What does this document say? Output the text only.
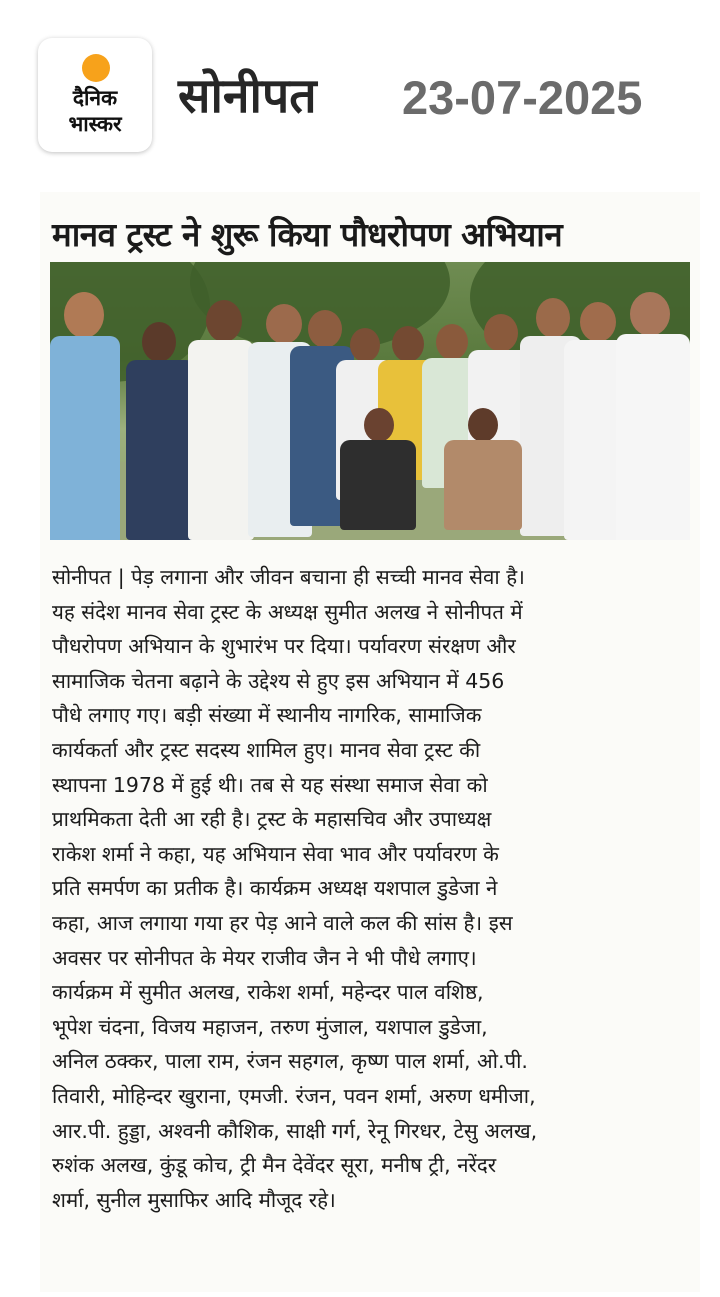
दैनिक
भास्कर	सोनीपत 23-07-2025
मानव ट्रस्ट ने शुरू किया पौधरोपण अभियान
सोनीपत | पेड़ लगाना और जीवन बचाना ही सच्ची मानव सेवा है।
यह संदेश मानव सेवा ट्रस्ट के अध्यक्ष सुमीत अलख ने सोनीपत में
पौधरोपण अभियान के शुभारंभ पर दिया। पर्यावरण संरक्षण और
सामाजिक चेतना बढ़ाने के उद्देश्य से हुए इस अभियान में 456
पौधे लगाए गए। बड़ी संख्या में स्थानीय नागरिक, सामाजिक
कार्यकर्ता और ट्रस्ट सदस्य शामिल हुए। मानव सेवा ट्रस्ट की
स्थापना 1978 में हुई थी। तब से यह संस्था समाज सेवा को
प्राथमिकता देती आ रही है। ट्रस्ट के महासचिव और उपाध्यक्ष
राकेश शर्मा ने कहा, यह अभियान सेवा भाव और पर्यावरण के
प्रति समर्पण का प्रतीक है। कार्यक्रम अध्यक्ष यशपाल डुडेजा ने
कहा, आज लगाया गया हर पेड़ आने वाले कल की सांस है। इस
अवसर पर सोनीपत के मेयर राजीव जैन ने भी पौधे लगाए।
कार्यक्रम में सुमीत अलख, राकेश शर्मा, महेन्दर पाल वशिष्ठ,
भूपेश चंदना, विजय महाजन, तरुण मुंजाल, यशपाल डुडेजा,
अनिल ठक्कर, पाला राम, रंजन सहगल, कृष्ण पाल शर्मा, ओ.पी.
तिवारी, मोहिन्दर खुराना, एमजी. रंजन, पवन शर्मा, अरुण धमीजा,
आर.पी. हुड्डा, अश्वनी कौशिक, साक्षी गर्ग, रेनू गिरधर, टेसु अलख,
रुशंक अलख, कुंडू कोच, ट्री मैन देवेंदर सूरा, मनीष ट्री, नरेंदर
शर्मा, सुनील मुसाफिर आदि मौजूद रहे।
